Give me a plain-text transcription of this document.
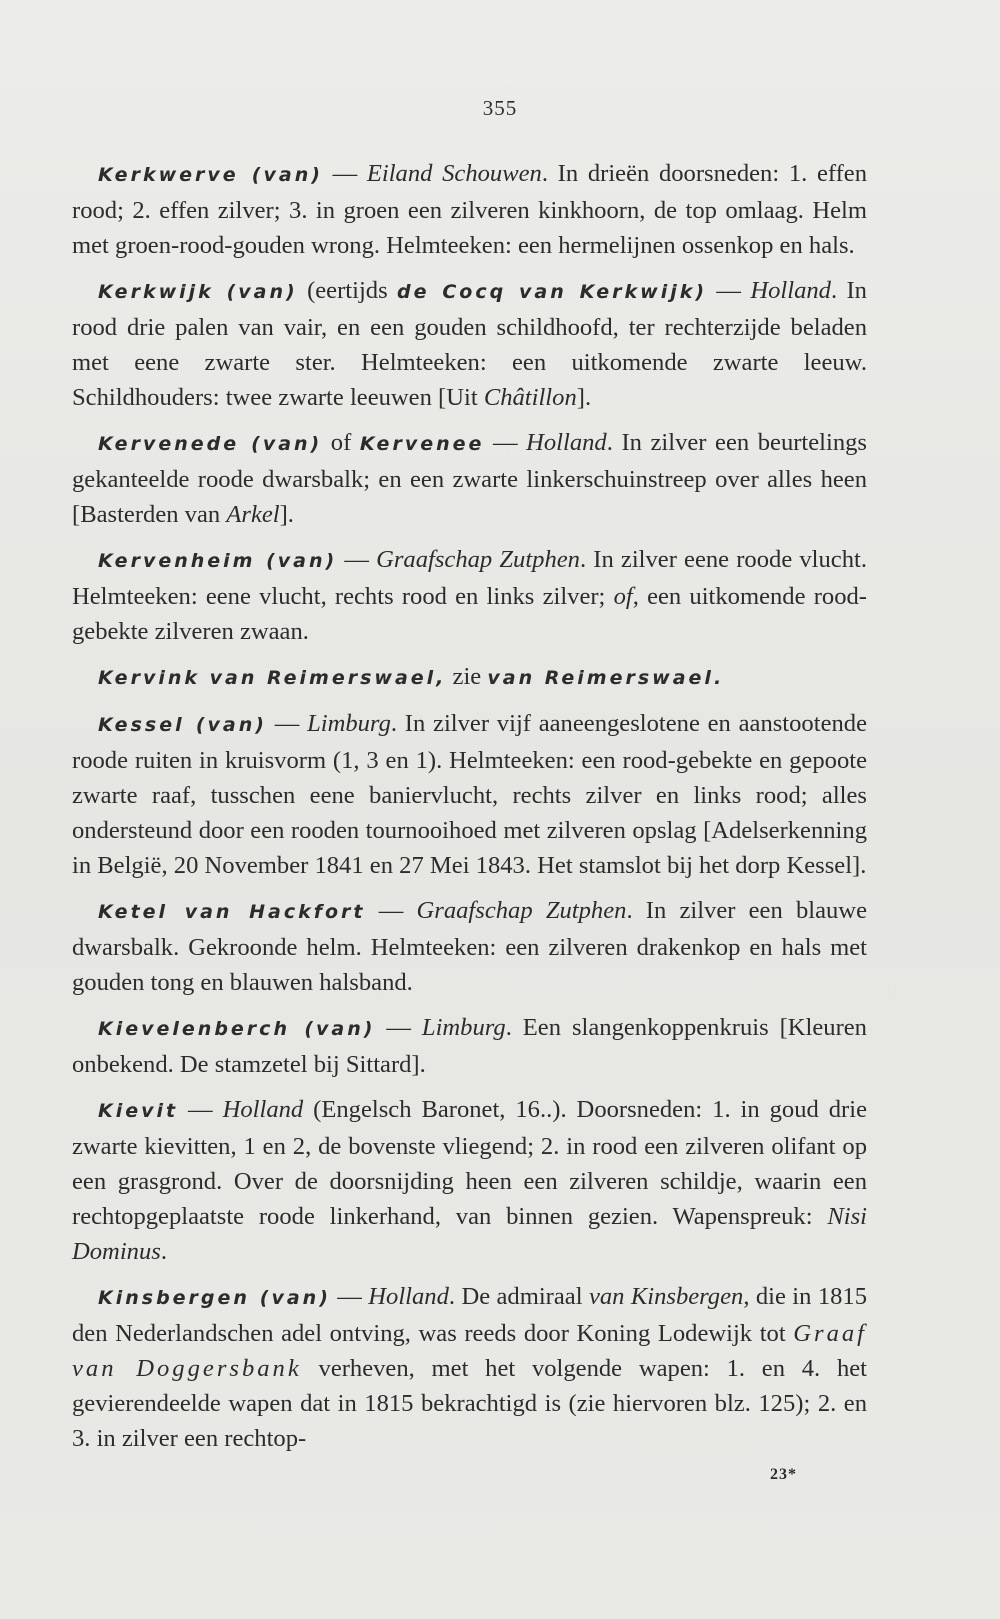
355

Kerkwerve (van) — Eiland Schouwen. In drieën doorsneden: 1. effen rood; 2. effen zilver; 3. in groen een zilveren kinkhoorn, de top omlaag. Helm met groen-rood-gouden wrong. Helmteeken: een hermelijnen ossenkop en hals.

Kerkwijk (van) (eertijds de Cocq van Kerkwijk) — Holland. In rood drie palen van vair, en een gouden schildhoofd, ter rechterzijde beladen met eene zwarte ster. Helmteeken: een uitkomende zwarte leeuw. Schildhouders: twee zwarte leeuwen [Uit Châtillon].

Kervenede (van) of Kervenee — Holland. In zilver een beurtelings gekanteelde roode dwarsbalk; en een zwarte linkerschuinstreep over alles heen [Basterden van Arkel].

Kervenheim (van) — Graafschap Zutphen. In zilver eene roode vlucht. Helmteeken: eene vlucht, rechts rood en links zilver; of, een uitkomende rood-gebekte zilveren zwaan.

Kervink van Reimerswael, zie van Reimerswael.

Kessel (van) — Limburg. In zilver vijf aaneengeslotene en aanstootende roode ruiten in kruisvorm (1, 3 en 1). Helmteeken: een rood-gebekte en gepoote zwarte raaf, tusschen eene baniervlucht, rechts zilver en links rood; alles ondersteund door een rooden tournooihoed met zilveren opslag [Adelserkenning in België, 20 November 1841 en 27 Mei 1843. Het stamslot bij het dorp Kessel].

Ketel van Hackfort — Graafschap Zutphen. In zilver een blauwe dwarsbalk. Gekroonde helm. Helmteeken: een zilveren drakenkop en hals met gouden tong en blauwen halsband.

Kievelenberch (van) — Limburg. Een slangenkoppenkruis [Kleuren onbekend. De stamzetel bij Sittard].

Kievit — Holland (Engelsch Baronet, 16..). Doorsneden: 1. in goud drie zwarte kievitten, 1 en 2, de bovenste vliegend; 2. in rood een zilveren olifant op een grasgrond. Over de doorsnijding heen een zilveren schildje, waarin een rechtopgeplaatste roode linkerhand, van binnen gezien. Wapenspreuk: Nisi Dominus.

Kinsbergen (van) — Holland. De admiraal van Kinsbergen, die in 1815 den Nederlandschen adel ontving, was reeds door Koning Lodewijk tot Graaf van Doggersbank verheven, met het volgende wapen: 1. en 4. het gevierendeelde wapen dat in 1815 bekrachtigd is (zie hiervoren blz. 125); 2. en 3. in zilver een rechtop-

23*
